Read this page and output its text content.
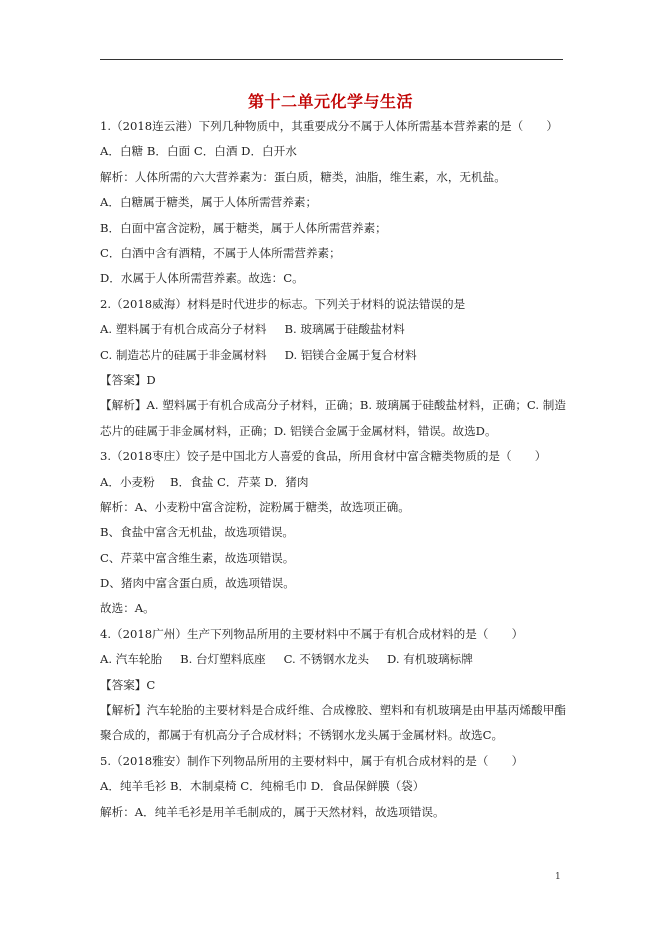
第十二单元化学与生活
1.（2018连云港）下列几种物质中，其重要成分不属于人体所需基本营养素的是（　　）
A．白糖 B．白面 C．白酒 D．白开水
解析：人体所需的六大营养素为：蛋白质，糖类，油脂，维生素，水，无机盐。
A．白糖属于糖类，属于人体所需营养素；
B．白面中富含淀粉，属于糖类，属于人体所需营养素；
C．白酒中含有酒精，不属于人体所需营养素；
D．水属于人体所需营养素。故选：C。
2.（2018威海）材料是时代进步的标志。下列关于材料的说法错误的是
A. 塑料属于有机合成高分子材料 B. 玻璃属于硅酸盐材料
C. 制造芯片的硅属于非金属材料 D. 铝镁合金属于复合材料
【答案】D
【解析】A. 塑料属于有机合成高分子材料，正确；B. 玻璃属于硅酸盐材料，正确；C. 制造芯片的硅属于非金属材料，正确；D. 铝镁合金属于金属材料，错误。故选D。
3.（2018枣庄）饺子是中国北方人喜爱的食品，所用食材中富含糖类物质的是（　　）
A．小麦粉　 B．食盐 C．芹菜 D．猪肉
解析：A、小麦粉中富含淀粉，淀粉属于糖类，故选项正确。
B、食盐中富含无机盐，故选项错误。
C、芹菜中富含维生素，故选项错误。
D、猪肉中富含蛋白质，故选项错误。
故选：A。
4.（2018广州）生产下列物品所用的主要材料中不属于有机合成材料的是（　　）
A. 汽车轮胎 B. 台灯塑料底座 C. 不锈钢水龙头 D. 有机玻璃标牌
【答案】C
【解析】汽车轮胎的主要材料是合成纤维、合成橡胶、塑料和有机玻璃是由甲基丙烯酸甲酯聚合成的，都属于有机高分子合成材料；不锈钢水龙头属于金属材料。故选C。
5.（2018雅安）制作下列物品所用的主要材料中，属于有机合成材料的是（　　）
A．纯羊毛衫 B．木制桌椅 C．纯棉毛巾 D．食品保鲜膜（袋）
解析：A．纯羊毛衫是用羊毛制成的，属于天然材料，故选项错误。
1
